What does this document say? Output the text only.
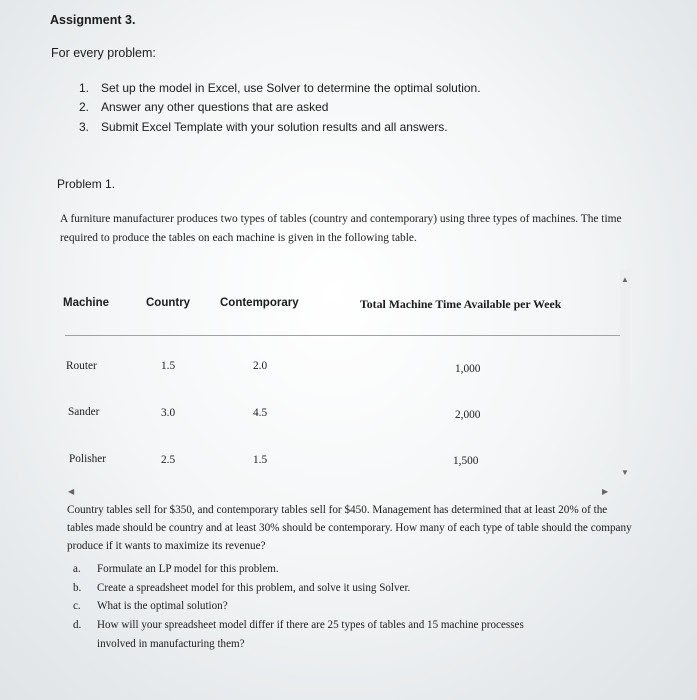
Assignment 3.
For every problem:
1. Set up the model in Excel, use Solver to determine the optimal solution.
2. Answer any other questions that are asked
3. Submit Excel Template with your solution results and all answers.
Problem 1.
A furniture manufacturer produces two types of tables (country and contemporary) using three types of machines. The time required to produce the tables on each machine is given in the following table.
Machine	Country	Contemporary	Total Machine Time Available per Week
Router	1.5	2.0	1,000
Sander	3.0	4.5	2,000
Polisher	2.5	1.5	1,500
▲
▼
◀	▶
Country tables sell for $350, and contemporary tables sell for $450. Management has determined that at least 20% of the tables made should be country and at least 30% should be contemporary. How many of each type of table should the company produce if it wants to maximize its revenue?
a. Formulate an LP model for this problem.
b. Create a spreadsheet model for this problem, and solve it using Solver.
c. What is the optimal solution?
d. How will your spreadsheet model differ if there are 25 types of tables and 15 machine processes
involved in manufacturing them?
